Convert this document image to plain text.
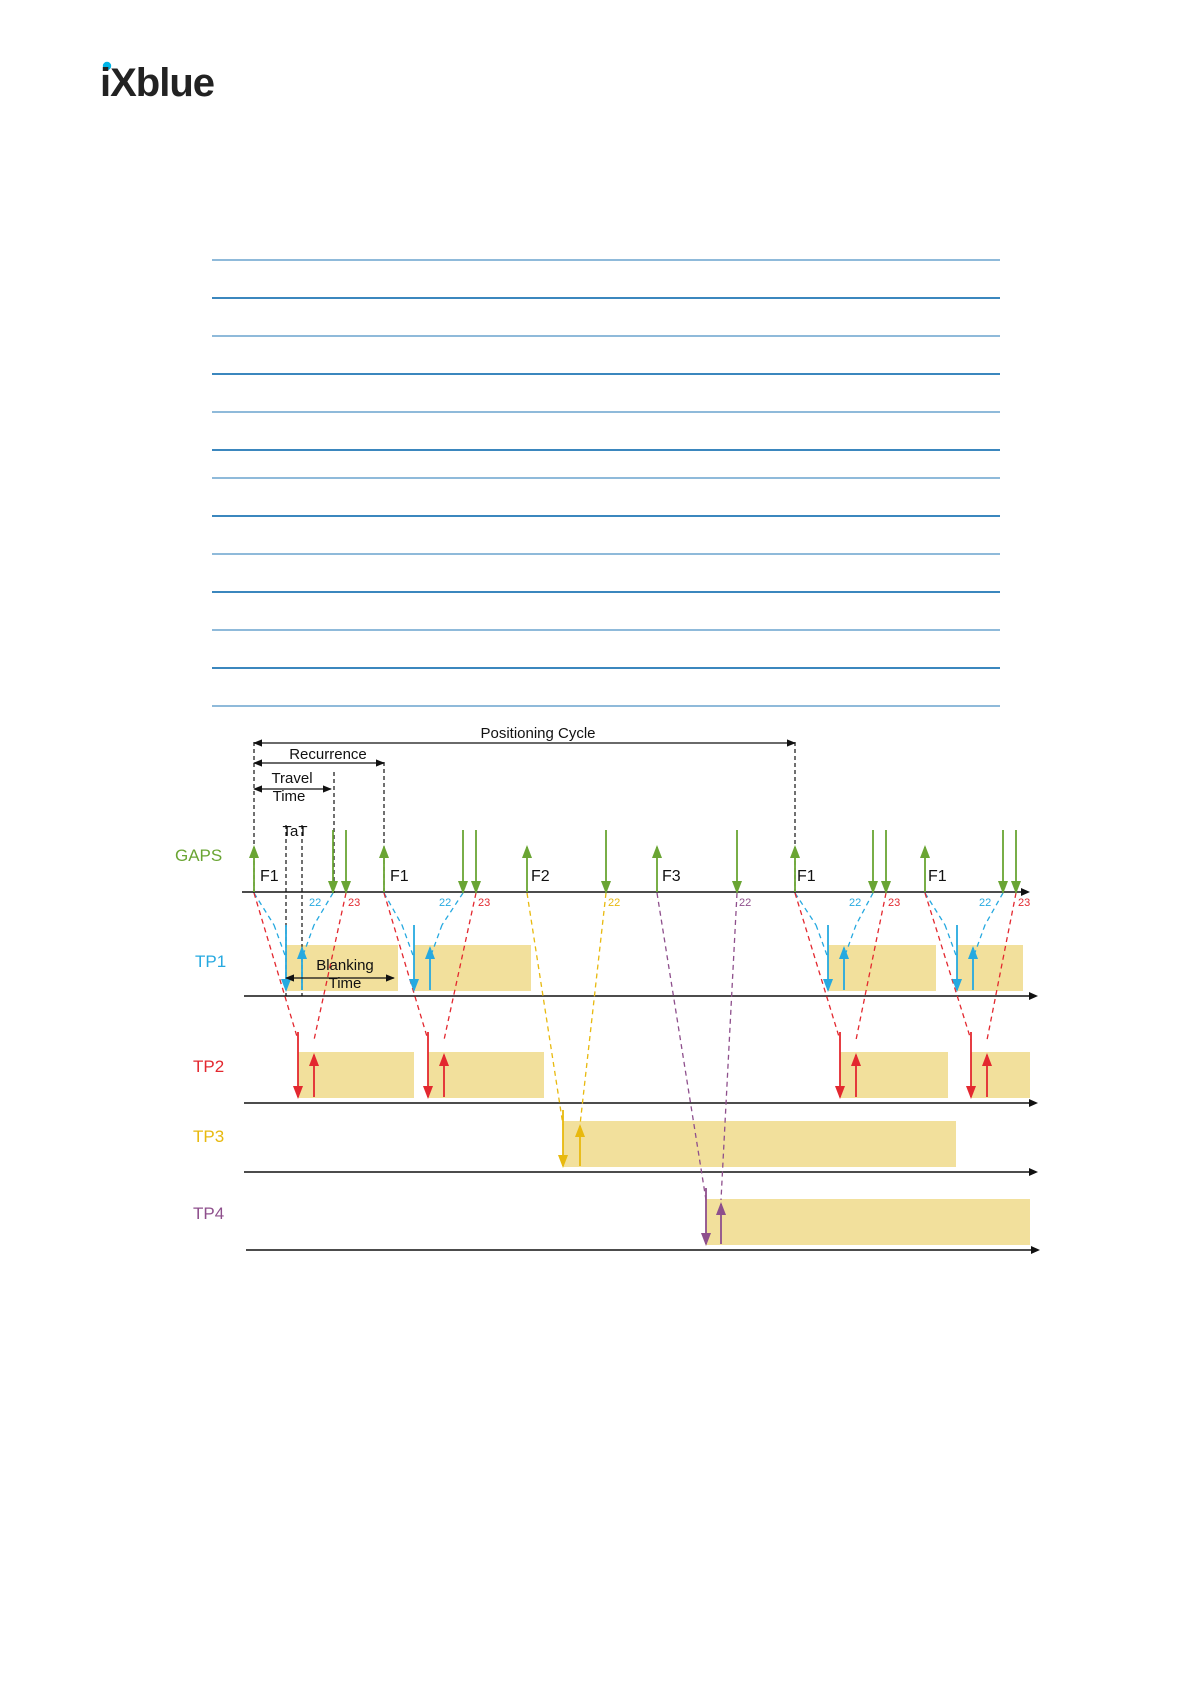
iXblue
Positioning Cycle
Recurrence
Travel
Time
TaT
Blanking
Time
GAPS
TP1
TP2
TP3
TP4
F1	F1	F2	F3	F1	F1
22 23	22 23	22	22	22 23	22 23
